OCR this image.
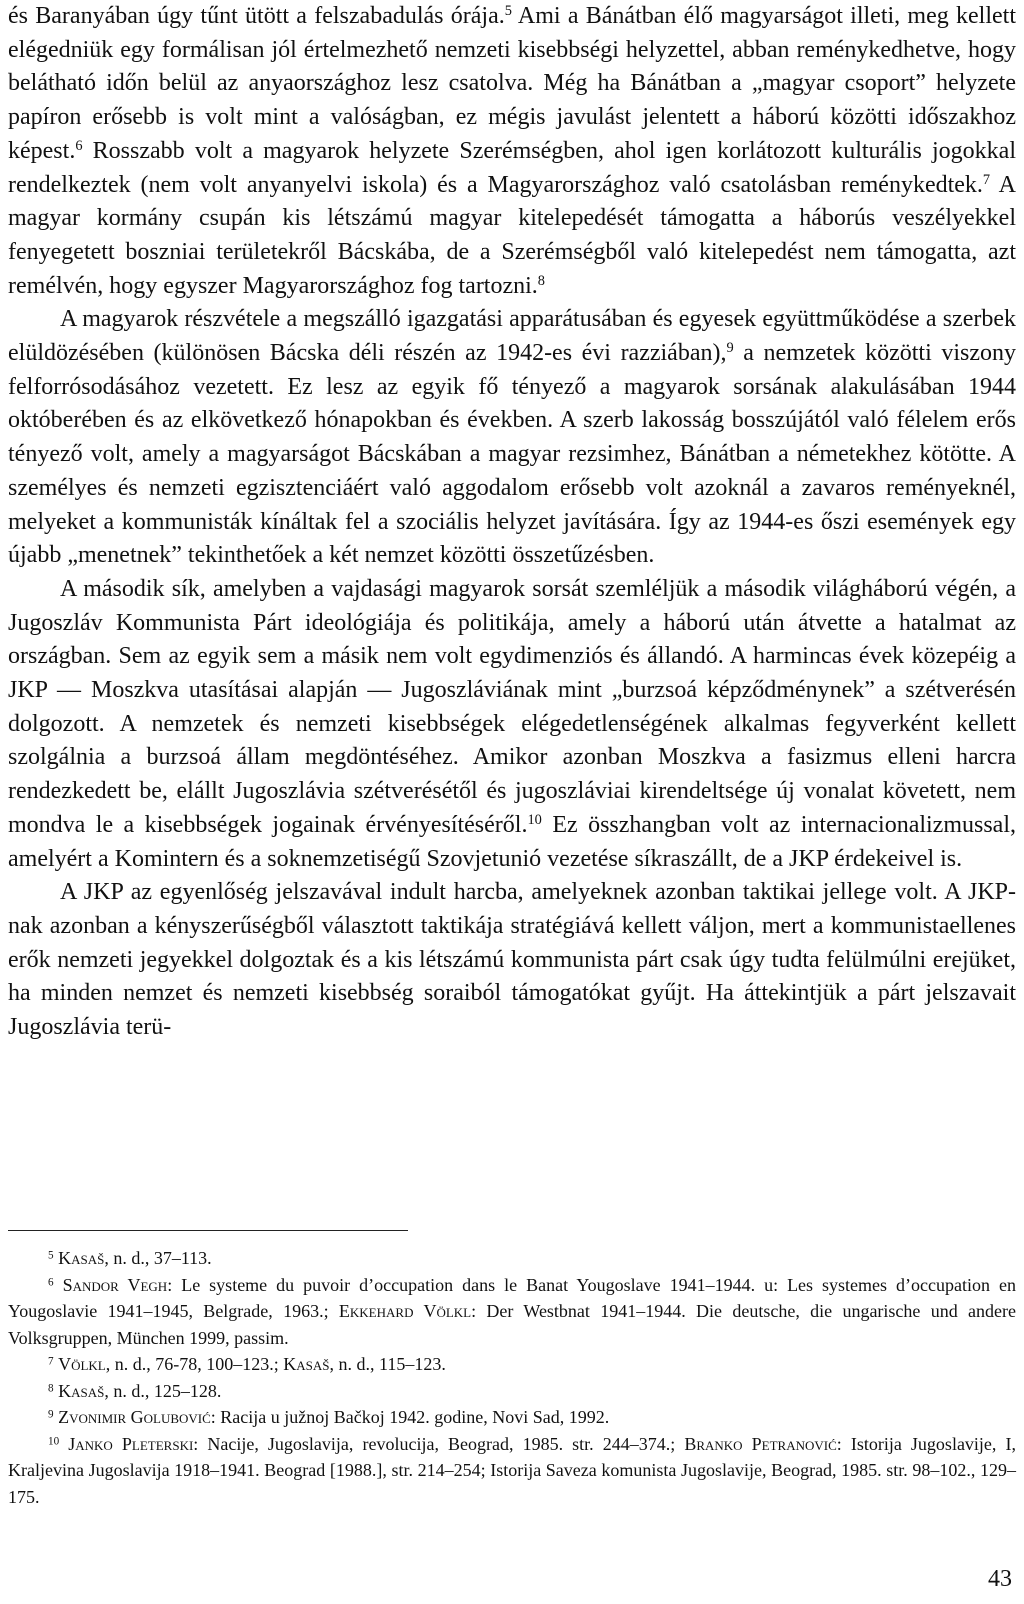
és Baranyában úgy tűnt ütött a felszabadulás órája.$^5$ Ami a Bánátban élő magyarságot illeti, meg kellett elégedniük egy formálisan jól értelmezhető nemzeti kisebbségi helyzettel, abban reménykedhetve, hogy belátható időn belül az anyaországhoz lesz csatolva. Még ha Bánátban a „magyar csoport” helyzete papíron erősebb is volt mint a valóságban, ez mégis javulást jelentett a háború közötti időszakhoz képest.$^6$ Rosszabb volt a magyarok helyzete Szerémségben, ahol igen korlátozott kulturális jogokkal rendelkeztek (nem volt anyanyelvi iskola) és a Magyarországhoz való csatolásban reménykedtek.$^7$ A magyar kormány csupán kis létszámú magyar kitelepedését támogatta a háborús veszélyekkel fenyegetett boszniai területekről Bácskába, de a Szerémségből való kitelepedést nem támogatta, azt remélvén, hogy egyszer Magyarországhoz fog tartozni.$^8$

A magyarok részvétele a megszálló igazgatási apparátusában és egyesek együttműködése a szerbek elüldözésében (különösen Bácska déli részén az 1942-es évi razziában),$^9$ a nemzetek közötti viszony felforrósodásához vezetett. Ez lesz az egyik fő tényező a magyarok sorsának alakulásában 1944 októberében és az elkövetkező hónapokban és években. A szerb lakosság bosszújától való félelem erős tényező volt, amely a magyarságot Bácskában a magyar rezsimhez, Bánátban a németekhez kötötte. A személyes és nemzeti egzisztenciáért való aggodalom erősebb volt azoknál a zavaros reményeknél, melyeket a kommunisták kínáltak fel a szociális helyzet javítására. Így az 1944-es őszi események egy újabb „menetnek” tekinthetőek a két nemzet közötti összetűzésben.

A második sík, amelyben a vajdasági magyarok sorsát szemléljük a második világháború végén, a Jugoszláv Kommunista Párt ideológiája és politikája, amely a háború után átvette a hatalmat az országban. Sem az egyik sem a másik nem volt egydimenziós és állandó. A harmincas évek közepéig a JKP — Moszkva utasításai alapján — Jugoszláviának mint „burzsoá képződménynek” a szétverésén dolgozott. A nemzetek és nemzeti kisebbségek elégedetlenségének alkalmas fegyverként kellett szolgálnia a burzsoá állam megdöntéséhez. Amikor azonban Moszkva a fasizmus elleni harcra rendezkedett be, elállt Jugoszlávia szétverésétől és jugoszláviai kirendeltsége új vonalat követett, nem mondva le a kisebbségek jogainak érvényesítéséről.$^{10}$ Ez összhangban volt az internacionalizmussal, amelyért a Komintern és a soknemzetiségű Szovjetunió vezetése síkraszállt, de a JKP érdekeivel is.

A JKP az egyenlőség jelszavával indult harcba, amelyeknek azonban taktikai jellege volt. A JKP-nak azonban a kényszerűségből választott taktikája stratégiává kellett váljon, mert a kommunistaellenes erők nemzeti jegyekkel dolgoztak és a kis létszámú kommunista párt csak úgy tudta felülmúlni erejüket, ha minden nemzet és nemzeti kisebbség soraiból támogatókat gyűjt. Ha áttekintjük a párt jelszavait Jugoszlávia terü-

$^5$ Kasaš, n. d., 37–113.

$^6$ Sandor Vegh: Le systeme du puvoir d’occupation dans le Banat Yougoslave 1941–1944. u: Les systemes d’occupation en Yougoslavie 1941–1945, Belgrade, 1963.; Ekkehard Völkl: Der Westbnat 1941–1944. Die deutsche, die ungarische und andere Volksgruppen, München 1999, passim.

$^7$ Völkl, n. d., 76-78, 100–123.; Kasaš, n. d., 115–123.

$^8$ Kasaš, n. d., 125–128.

$^9$ Zvonimir Golubović: Racija u južnoj Bačkoj 1942. godine, Novi Sad, 1992.

$^{10}$ Janko Pleterski: Nacije, Jugoslavija, revolucija, Beograd, 1985. str. 244–374.; Branko Petranović: Istorija Jugoslavije, I, Kraljevina Jugoslavija 1918–1941. Beograd [1988.], str. 214–254; Istorija Saveza komunista Jugoslavije, Beograd, 1985. str. 98–102., 129–175.

43
